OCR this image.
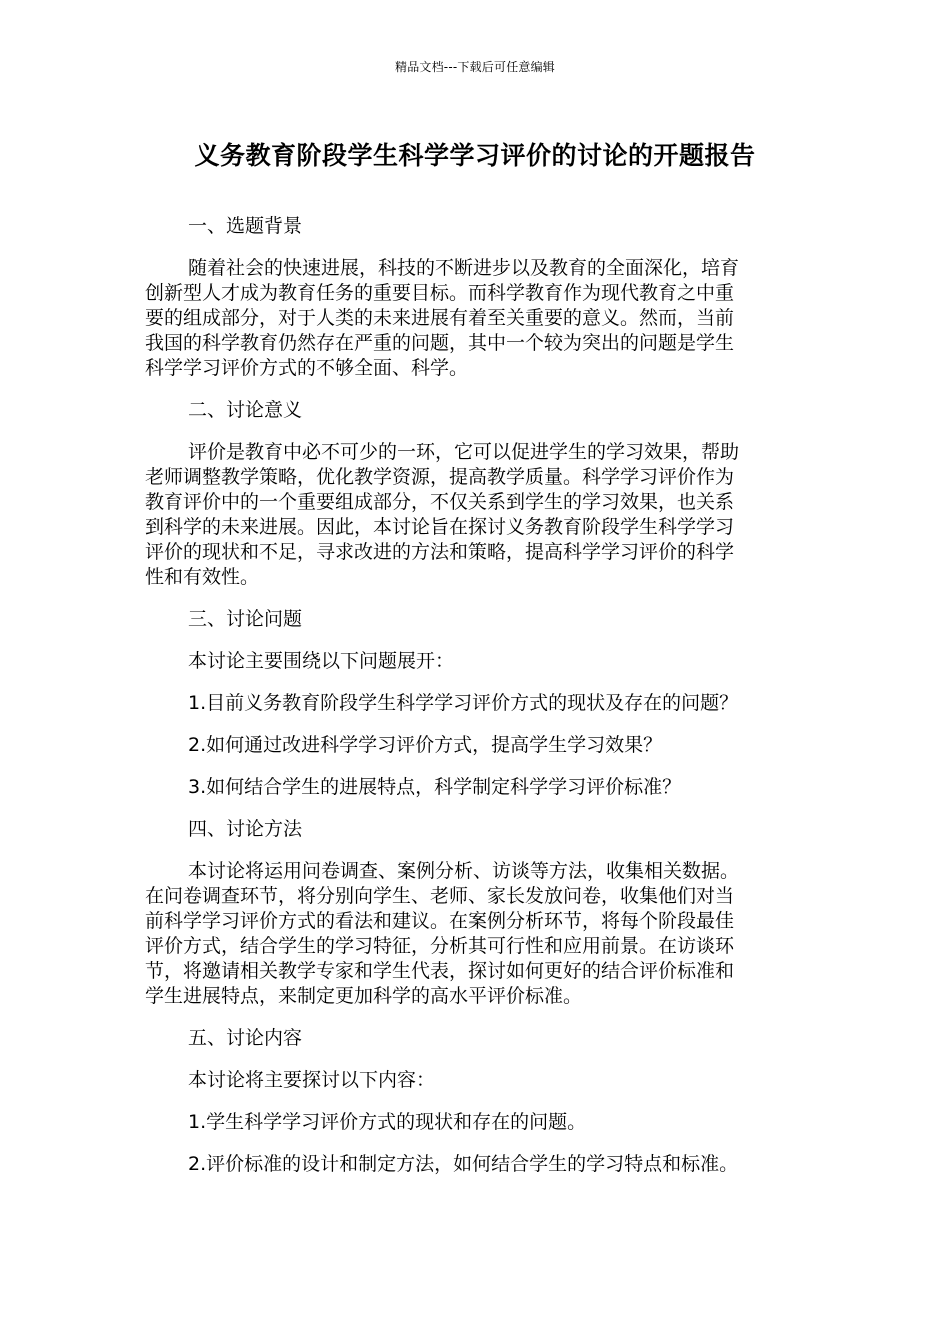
精品文档---下载后可任意编辑
义务教育阶段学生科学学习评价的讨论的开题报告
一、选题背景
随着社会的快速进展，科技的不断进步以及教育的全面深化，培育
创新型人才成为教育任务的重要目标。而科学教育作为现代教育之中重
要的组成部分，对于人类的未来进展有着至关重要的意义。然而，当前
我国的科学教育仍然存在严重的问题，其中一个较为突出的问题是学生
科学学习评价方式的不够全面、科学。
二、讨论意义
评价是教育中必不可少的一环，它可以促进学生的学习效果，帮助
老师调整教学策略，优化教学资源，提高教学质量。科学学习评价作为
教育评价中的一个重要组成部分，不仅关系到学生的学习效果，也关系
到科学的未来进展。因此，本讨论旨在探讨义务教育阶段学生科学学习
评价的现状和不足，寻求改进的方法和策略，提高科学学习评价的科学
性和有效性。
三、讨论问题
本讨论主要围绕以下问题展开：
1.目前义务教育阶段学生科学学习评价方式的现状及存在的问题？
2.如何通过改进科学学习评价方式，提高学生学习效果？
3.如何结合学生的进展特点，科学制定科学学习评价标准？
四、讨论方法
本讨论将运用问卷调查、案例分析、访谈等方法，收集相关数据。
在问卷调查环节，将分别向学生、老师、家长发放问卷，收集他们对当
前科学学习评价方式的看法和建议。在案例分析环节，将每个阶段最佳
评价方式，结合学生的学习特征，分析其可行性和应用前景。在访谈环
节，将邀请相关教学专家和学生代表，探讨如何更好的结合评价标准和
学生进展特点，来制定更加科学的高水平评价标准。
五、讨论内容
本讨论将主要探讨以下内容：
1.学生科学学习评价方式的现状和存在的问题。
2.评价标准的设计和制定方法，如何结合学生的学习特点和标准。
